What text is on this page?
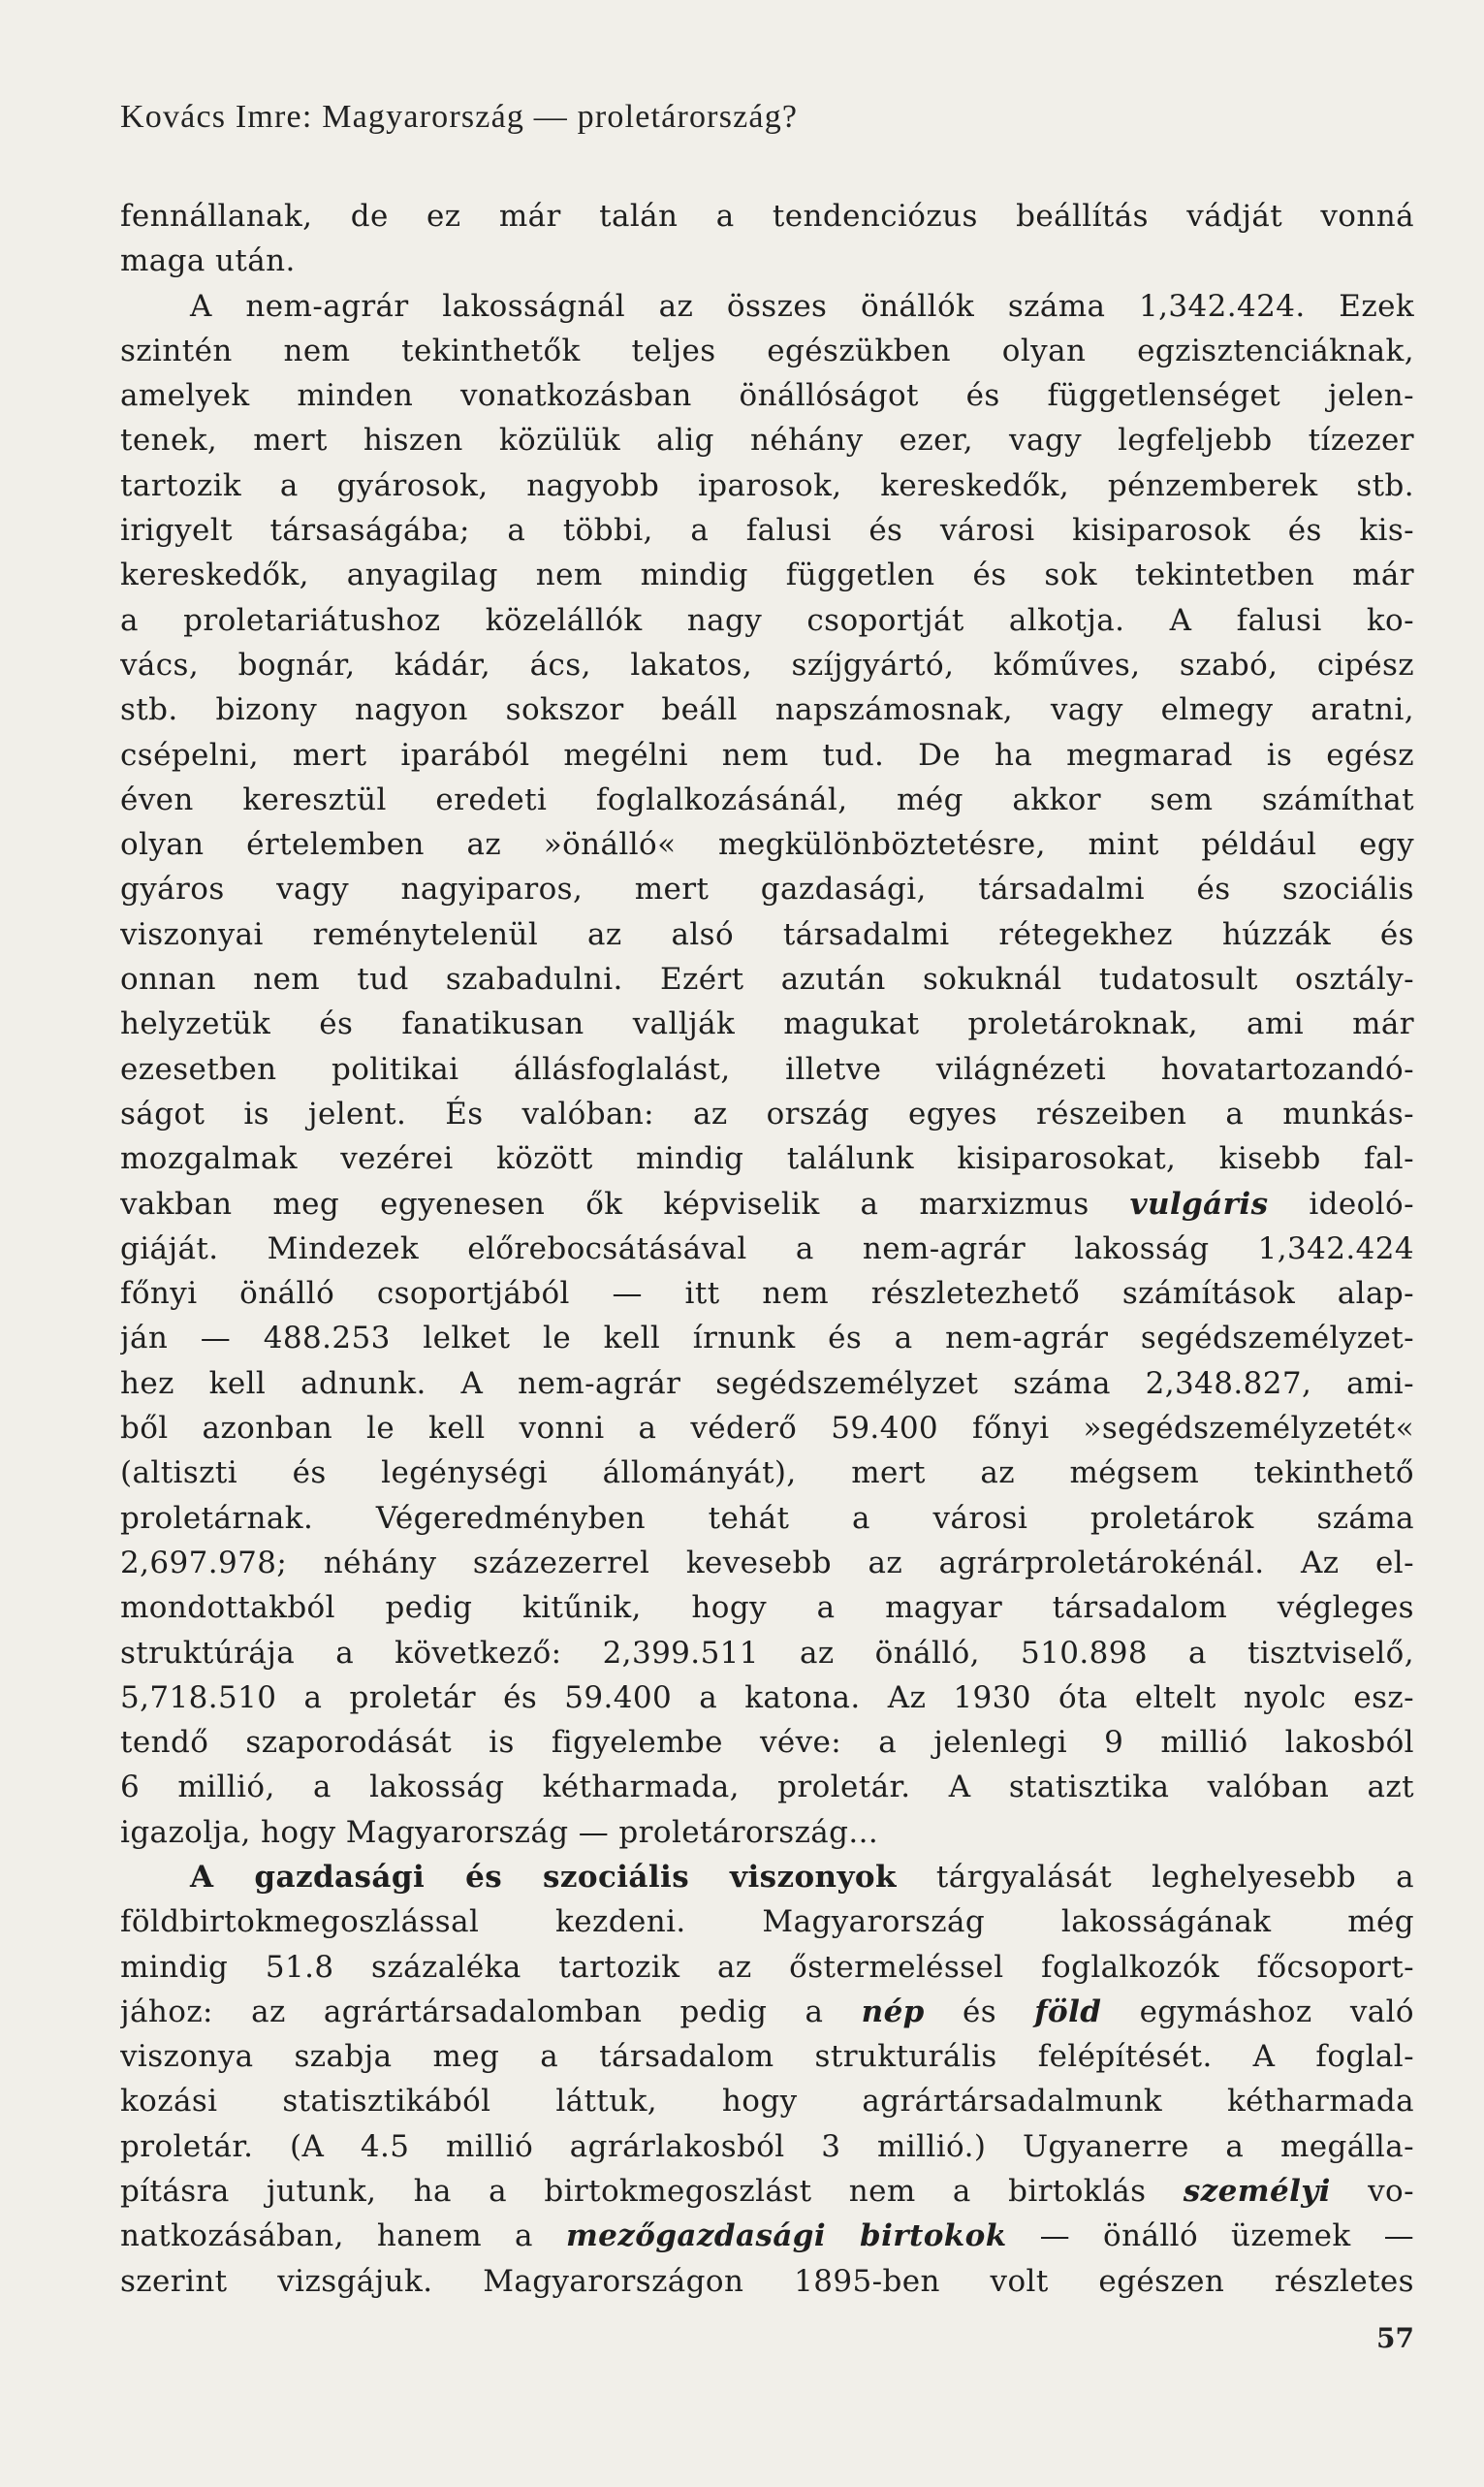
Kovács Imre: Magyarország — proletárország?
fennállanak, de ez már talán a tendenciózus beállítás vádját vonná
maga után.
A nem-agrár lakosságnál az összes önállók száma 1,342.424. Ezek
szintén nem tekinthetők teljes egészükben olyan egzisztenciáknak,
amelyek minden vonatkozásban önállóságot és függetlenséget jelen-
tenek, mert hiszen közülük alig néhány ezer, vagy legfeljebb tízezer
tartozik a gyárosok, nagyobb iparosok, kereskedők, pénzemberek stb.
irigyelt társaságába; a többi, a falusi és városi kisiparosok és kis-
kereskedők, anyagilag nem mindig független és sok tekintetben már
a proletariátushoz közelállók nagy csoportját alkotja. A falusi ko-
vács, bognár, kádár, ács, lakatos, szíjgyártó, kőműves, szabó, cipész
stb. bizony nagyon sokszor beáll napszámosnak, vagy elmegy aratni,
csépelni, mert iparából megélni nem tud. De ha megmarad is egész
éven keresztül eredeti foglalkozásánál, még akkor sem számíthat
olyan értelemben az »önálló« megkülönböztetésre, mint például egy
gyáros vagy nagyiparos, mert gazdasági, társadalmi és szociális
viszonyai reménytelenül az alsó társadalmi rétegekhez húzzák és
onnan nem tud szabadulni. Ezért azután sokuknál tudatosult osztály-
helyzetük és fanatikusan vallják magukat proletároknak, ami már
ezesetben politikai állásfoglalást, illetve világnézeti hovatartozandó-
ságot is jelent. És valóban: az ország egyes részeiben a munkás-
mozgalmak vezérei között mindig találunk kisiparosokat, kisebb fal-
vakban meg egyenesen ők képviselik a marxizmus vulgáris ideoló-
giáját. Mindezek előrebocsátásával a nem-agrár lakosság 1,342.424
főnyi önálló csoportjából — itt nem részletezhető számítások alap-
ján — 488.253 lelket le kell írnunk és a nem-agrár segédszemélyzet-
hez kell adnunk. A nem-agrár segédszemélyzet száma 2,348.827, ami-
ből azonban le kell vonni a véderő 59.400 főnyi »segédszemélyzetét«
(altiszti és legénységi állományát), mert az mégsem tekinthető
proletárnak. Végeredményben tehát a városi proletárok száma
2,697.978; néhány százezerrel kevesebb az agrárproletárokénál. Az el-
mondottakból pedig kitűnik, hogy a magyar társadalom végleges
struktúrája a következő: 2,399.511 az önálló, 510.898 a tisztviselő,
5,718.510 a proletár és 59.400 a katona. Az 1930 óta eltelt nyolc esz-
tendő szaporodását is figyelembe véve: a jelenlegi 9 millió lakosból
6 millió, a lakosság kétharmada, proletár. A statisztika valóban azt
igazolja, hogy Magyarország — proletárország...
A gazdasági és szociális viszonyok tárgyalását leghelyesebb a
földbirtokmegoszlással kezdeni. Magyarország lakosságának még
mindig 51.8 százaléka tartozik az őstermeléssel foglalkozók főcsoport-
jához: az agrártársadalomban pedig a nép és föld egymáshoz való
viszonya szabja meg a társadalom strukturális felépítését. A foglal-
kozási statisztikából láttuk, hogy agrártársadalmunk kétharmada
proletár. (A 4.5 millió agrárlakosból 3 millió.) Ugyanerre a megálla-
pításra jutunk, ha a birtokmegoszlást nem a birtoklás személyi vo-
natkozásában, hanem a mezőgazdasági birtokok — önálló üzemek —
szerint vizsgájuk. Magyarországon 1895-ben volt egészen részletes
57
